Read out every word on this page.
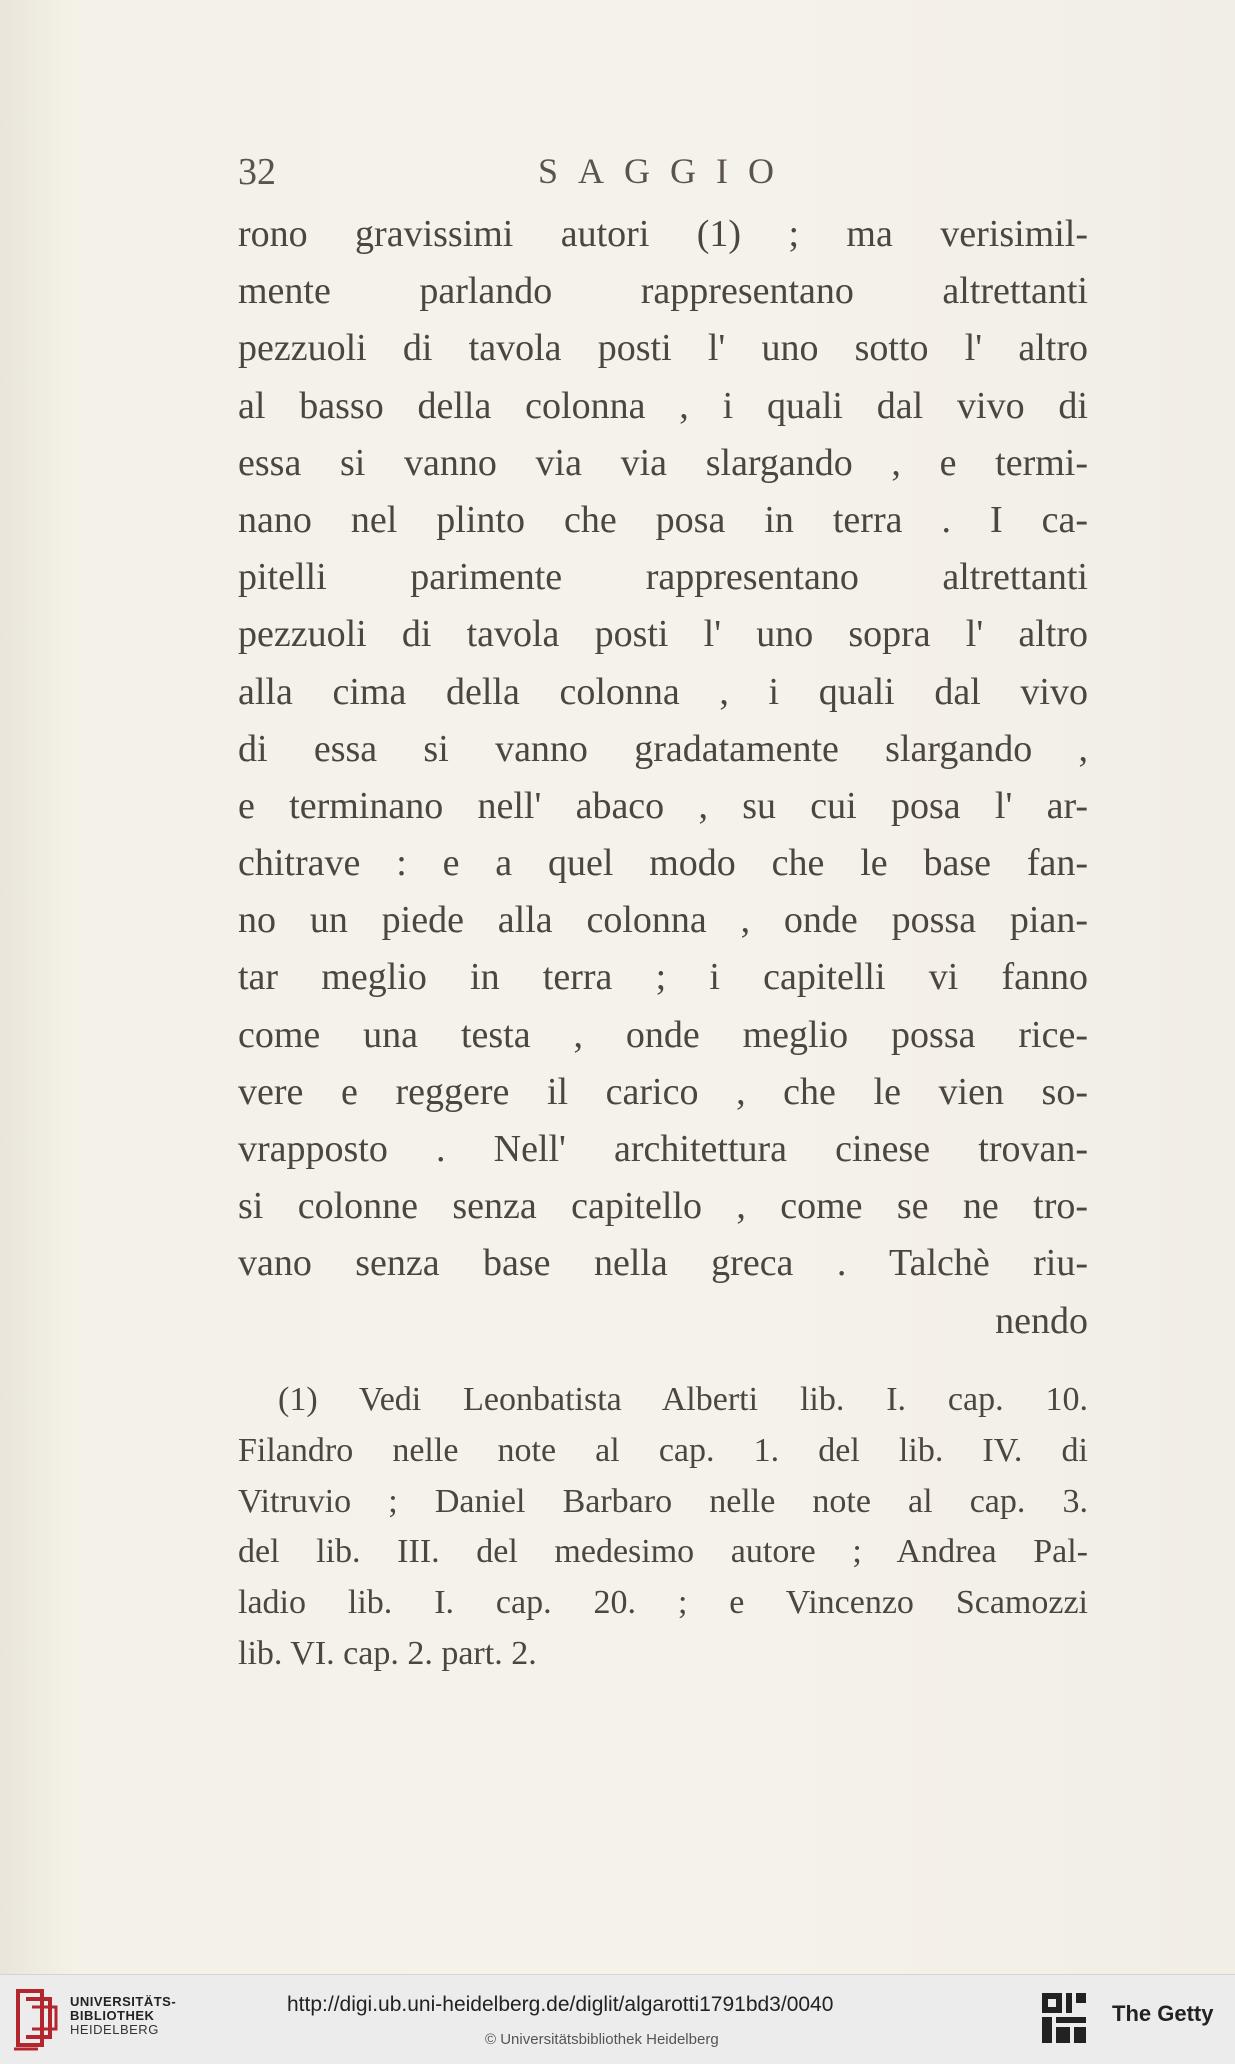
32	SAGGIO
rono gravissimi autori (1) ; ma verisimil-
mente parlando rappresentano altrettanti
pezzuoli di tavola posti l' uno sotto l' altro
al basso della colonna , i quali dal vivo di
essa si vanno via via slargando , e termi-
nano nel plinto che posa in terra . I ca-
pitelli parimente rappresentano altrettanti
pezzuoli di tavola posti l' uno sopra l' altro
alla cima della colonna , i quali dal vivo
di essa si vanno gradatamente slargando ,
e terminano nell' abaco , su cui posa l' ar-
chitrave : e a quel modo che le base fan-
no un piede alla colonna , onde possa pian-
tar meglio in terra ; i capitelli vi fanno
come una testa , onde meglio possa rice-
vere e reggere il carico , che le vien so-
vrapposto . Nell' architettura cinese trovan-
si colonne senza capitello , come se ne tro-
vano senza base nella greca . Talchè riu-
nendo
(1) Vedi Leonbatista Alberti lib. I. cap. 10.
Filandro nelle note al cap. 1. del lib. IV. di
Vitruvio ; Daniel Barbaro nelle note al cap. 3.
del lib. III. del medesimo autore ; Andrea Pal-
ladio lib. I. cap. 20. ; e Vincenzo Scamozzi
lib. VI. cap. 2. part. 2.
UNIVERSITÄTS-
BIBLIOTHEK
HEIDELBERG
http://digi.ub.uni-heidelberg.de/diglit/algarotti1791bd3/0040
© Universitätsbibliothek Heidelberg
The Getty
